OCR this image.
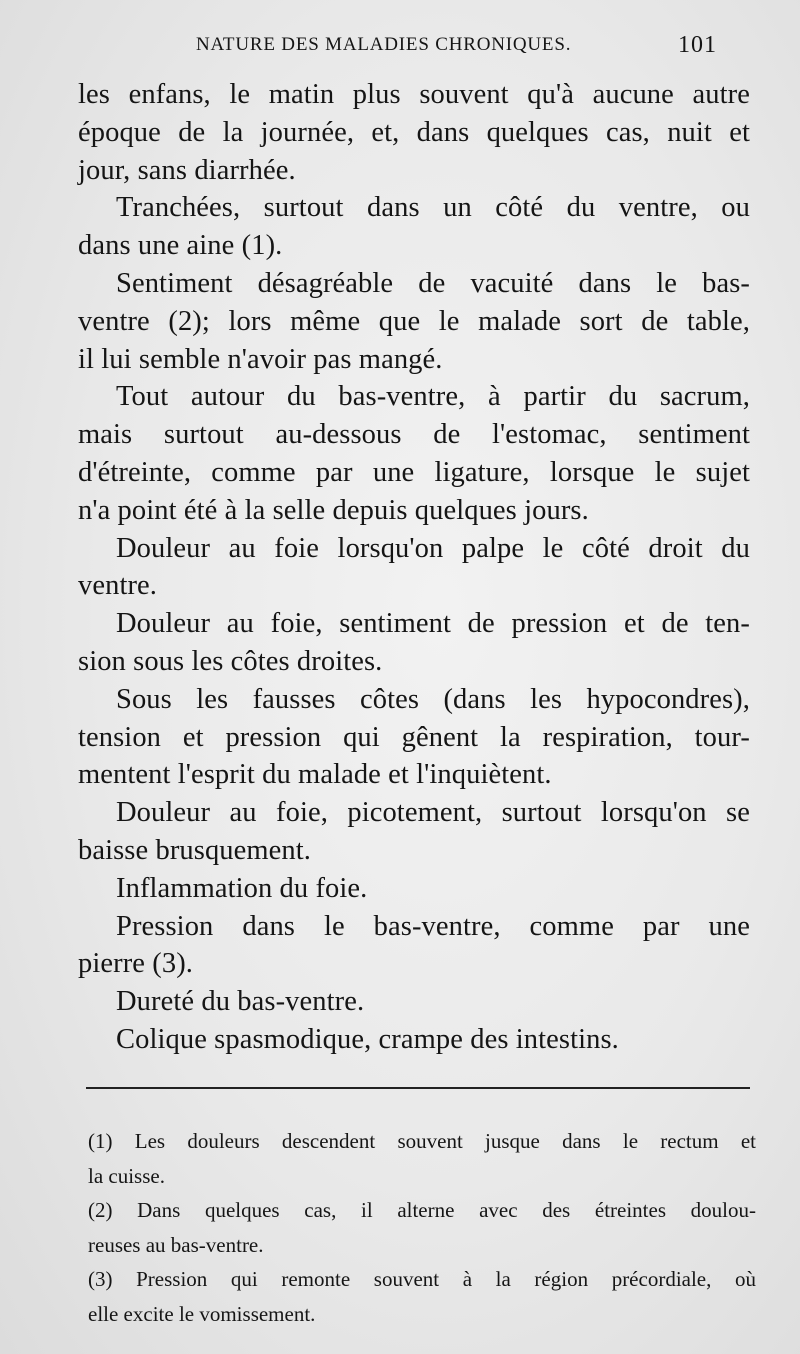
NATURE DES MALADIES CHRONIQUES.	101
les enfans, le matin plus souvent qu'à aucune autre
époque de la journée, et, dans quelques cas, nuit et
jour, sans diarrhée.
Tranchées, surtout dans un côté du ventre, ou
dans une aine (1).
Sentiment désagréable de vacuité dans le bas-
ventre (2); lors même que le malade sort de table,
il lui semble n'avoir pas mangé.
Tout autour du bas-ventre, à partir du sacrum,
mais surtout au-dessous de l'estomac, sentiment
d'étreinte, comme par une ligature, lorsque le sujet
n'a point été à la selle depuis quelques jours.
Douleur au foie lorsqu'on palpe le côté droit du
ventre.
Douleur au foie, sentiment de pression et de ten-
sion sous les côtes droites.
Sous les fausses côtes (dans les hypocondres),
tension et pression qui gênent la respiration, tour-
mentent l'esprit du malade et l'inquiètent.
Douleur au foie, picotement, surtout lorsqu'on se
baisse brusquement.
Inflammation du foie.
Pression dans le bas-ventre, comme par une
pierre (3).
Dureté du bas-ventre.
Colique spasmodique, crampe des intestins.
(1) Les douleurs descendent souvent jusque dans le rectum et
la cuisse.
(2) Dans quelques cas, il alterne avec des étreintes doulou-
reuses au bas-ventre.
(3) Pression qui remonte souvent à la région précordiale, où
elle excite le vomissement.
